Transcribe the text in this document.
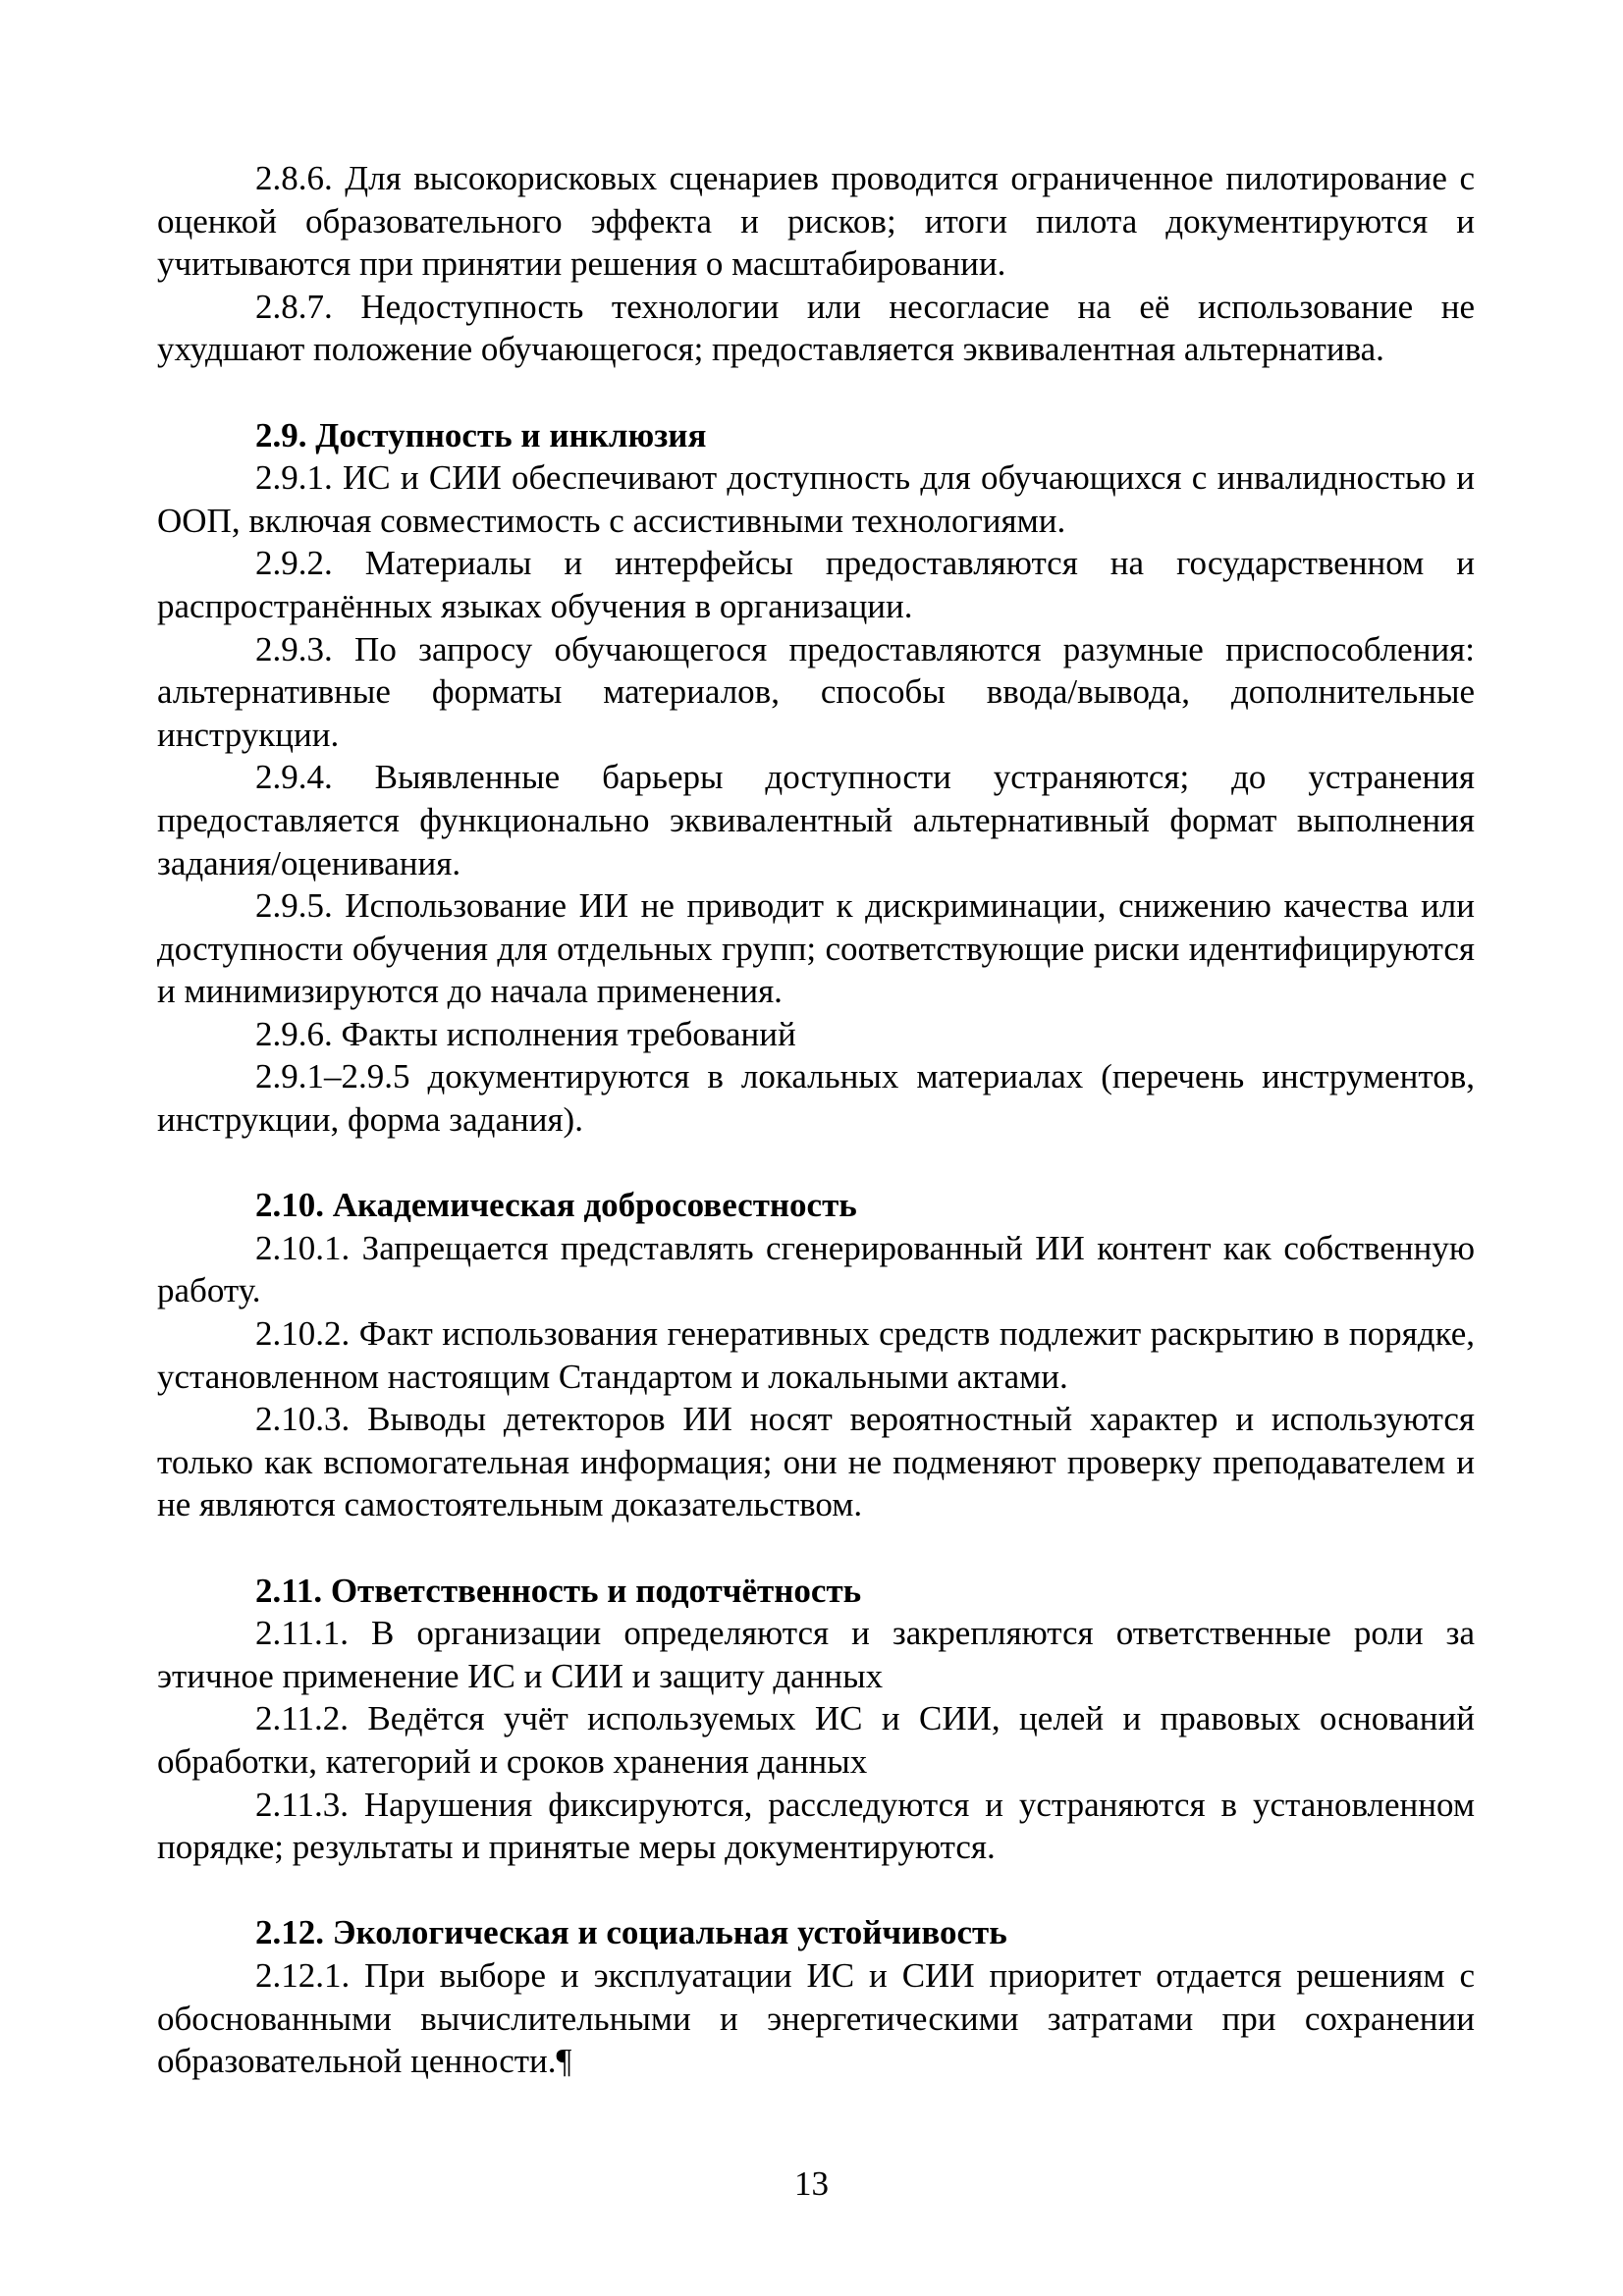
2.8.6. Для высокорисковых сценариев проводится ограниченное пилотирование с оценкой образовательного эффекта и рисков; итоги пилота документируются и учитываются при принятии решения о масштабировании.

2.8.7. Недоступность технологии или несогласие на её использование не ухудшают положение обучающегося; предоставляется эквивалентная альтернатива.

2.9. Доступность и инклюзия

2.9.1. ИС и СИИ обеспечивают доступность для обучающихся с инвалидностью и ООП, включая совместимость с ассистивными технологиями.

2.9.2. Материалы и интерфейсы предоставляются на государственном и распространённых языках обучения в организации.

2.9.3. По запросу обучающегося предоставляются разумные приспособления: альтернативные форматы материалов, способы ввода/вывода, дополнительные инструкции.

2.9.4. Выявленные барьеры доступности устраняются; до устранения предоставляется функционально эквивалентный альтернативный формат выполнения задания/оценивания.

2.9.5. Использование ИИ не приводит к дискриминации, снижению качества или доступности обучения для отдельных групп; соответствующие риски идентифицируются и минимизируются до начала применения.

2.9.6. Факты исполнения требований

2.9.1–2.9.5 документируются в локальных материалах (перечень инструментов, инструкции, форма задания).

2.10. Академическая добросовестность

2.10.1. Запрещается представлять сгенерированный ИИ контент как собственную работу.

2.10.2. Факт использования генеративных средств подлежит раскрытию в порядке, установленном настоящим Стандартом и локальными актами.

2.10.3. Выводы детекторов ИИ носят вероятностный характер и используются только как вспомогательная информация; они не подменяют проверку преподавателем и не являются самостоятельным доказательством.

2.11. Ответственность и подотчётность

2.11.1. В организации определяются и закрепляются ответственные роли за этичное применение ИС и СИИ и защиту данных

2.11.2. Ведётся учёт используемых ИС и СИИ, целей и правовых оснований обработки, категорий и сроков хранения данных

2.11.3. Нарушения фиксируются, расследуются и устраняются в установленном порядке; результаты и принятые меры документируются.

2.12. Экологическая и социальная устойчивость

2.12.1. При выборе и эксплуатации ИС и СИИ приоритет отдается решениям с обоснованными вычислительными и энергетическими затратами при сохранении образовательной ценности.¶

13
